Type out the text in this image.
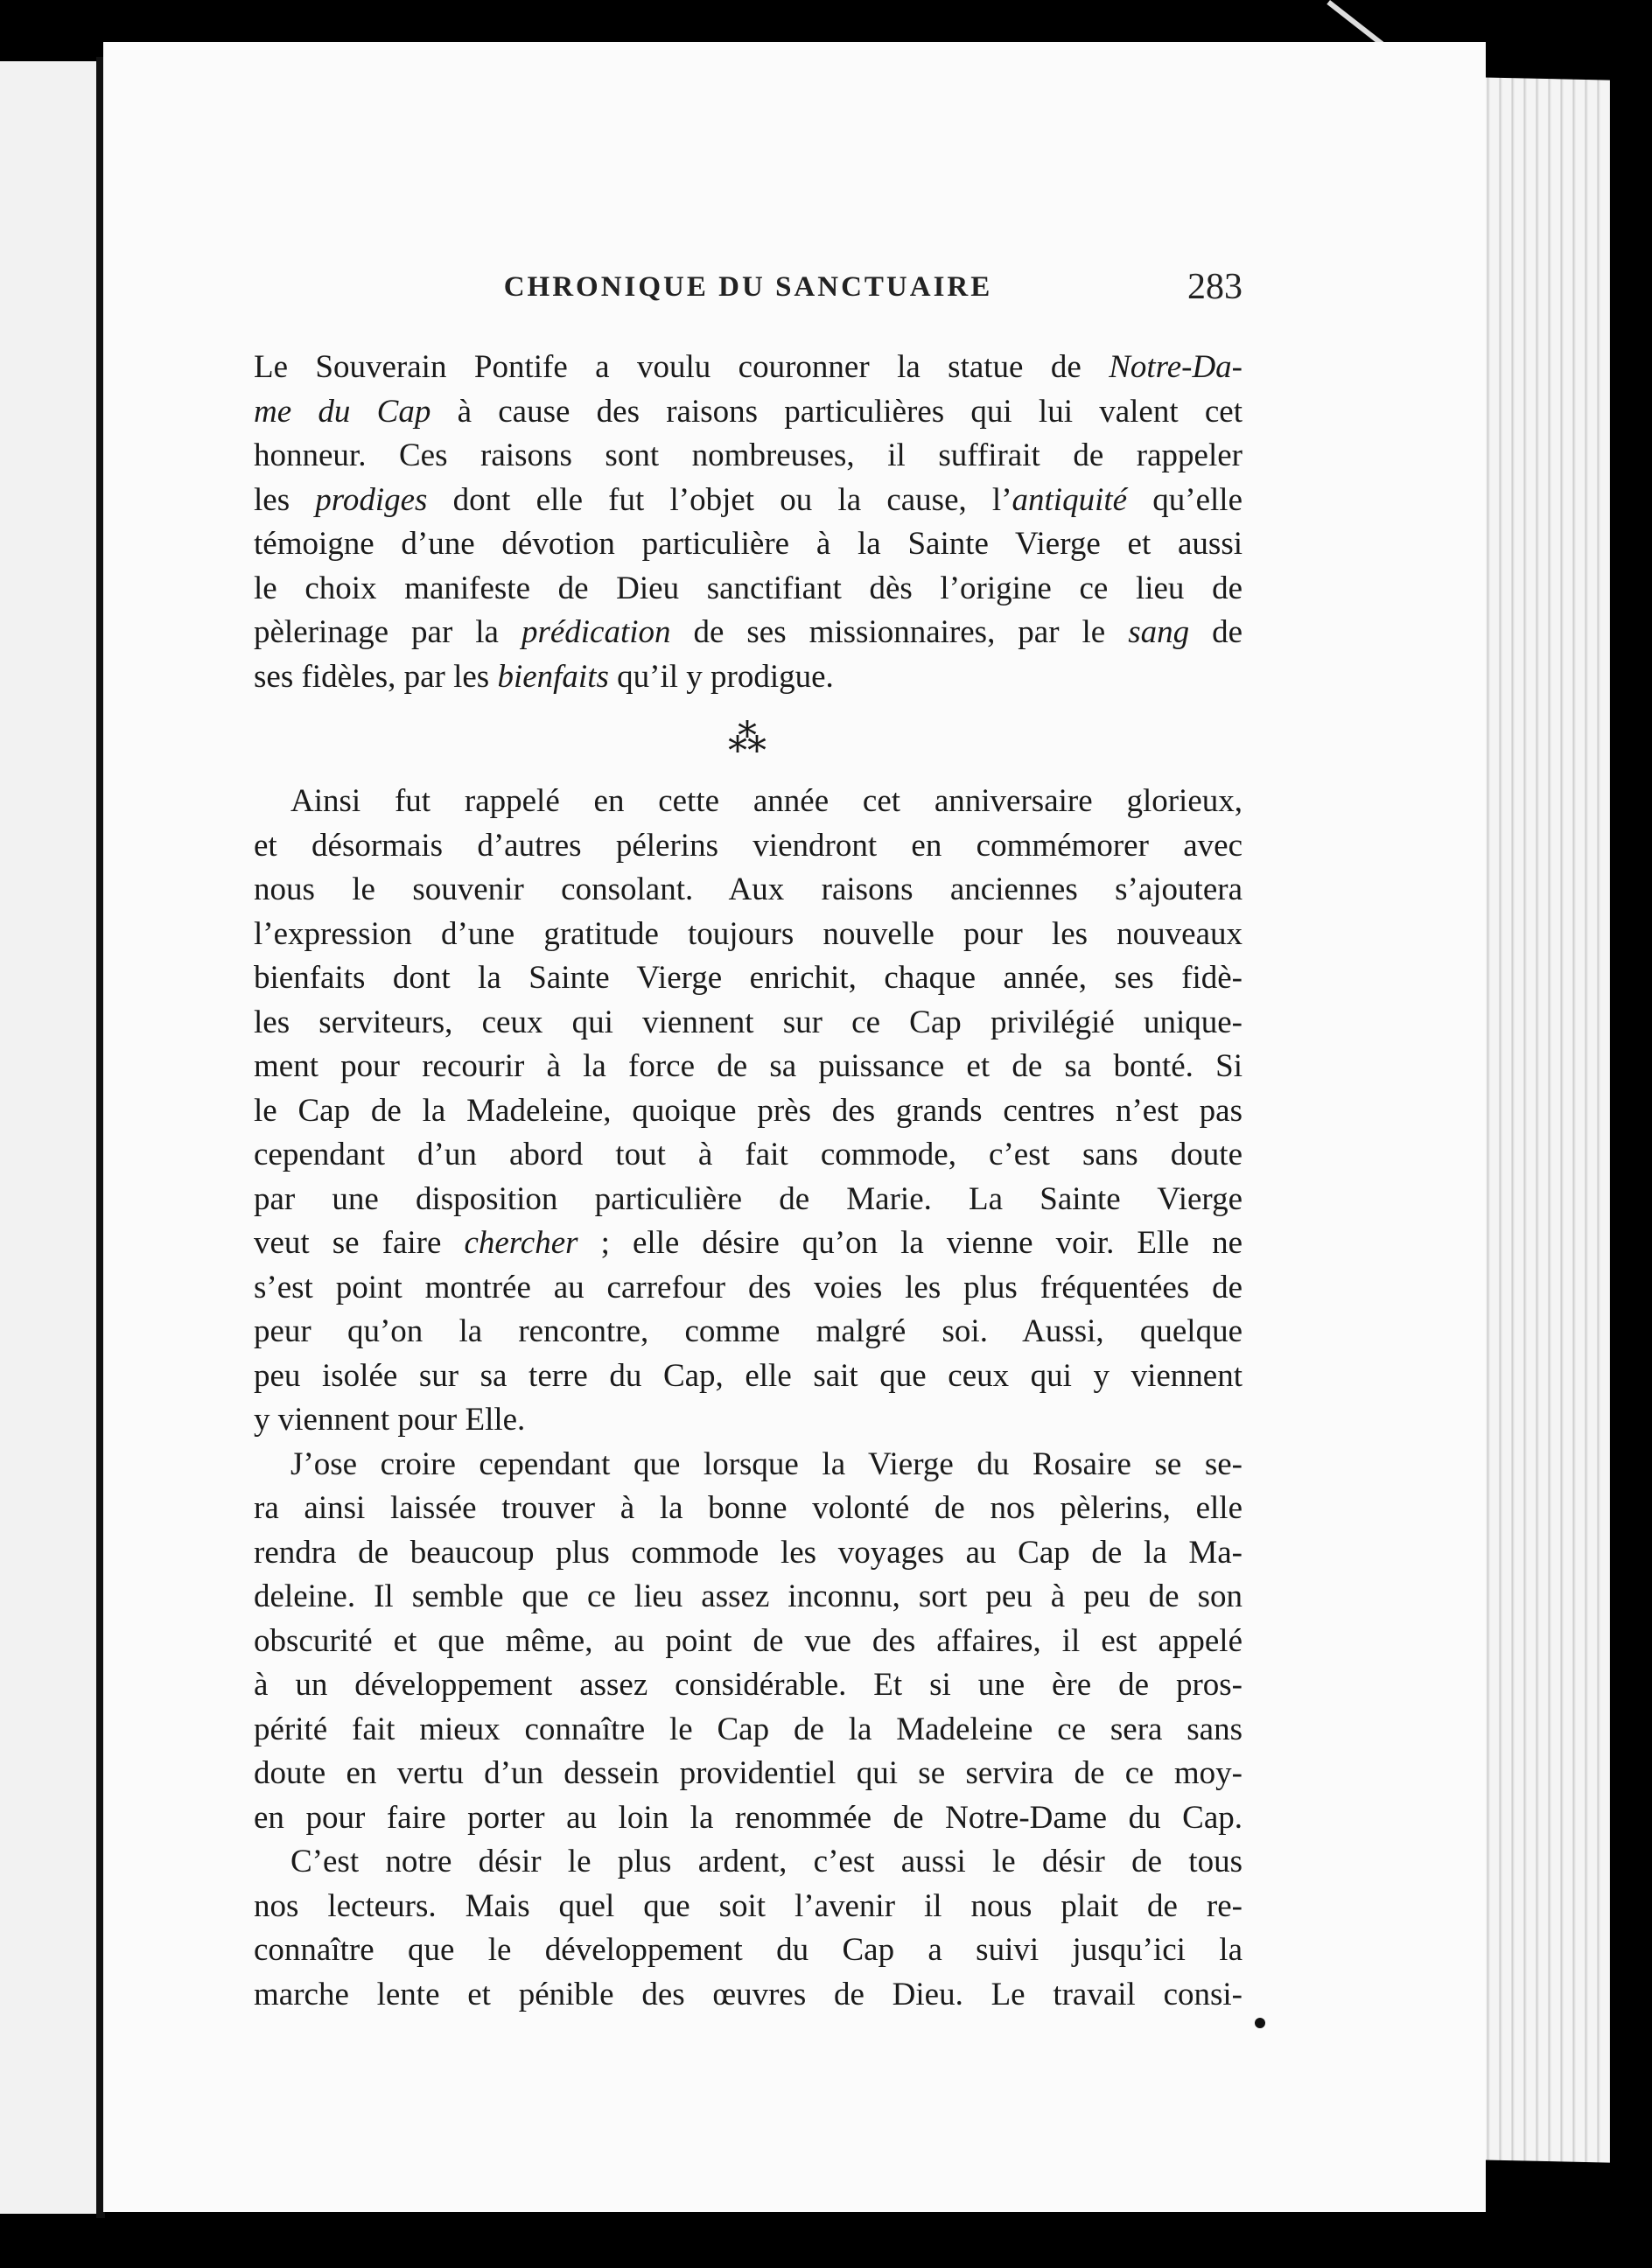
CHRONIQUE DU SANCTUAIRE	283
Le Souverain Pontife a voulu couronner la statue de Notre-Da-
me du Cap à cause des raisons particulières qui lui valent cet
honneur. Ces raisons sont nombreuses, il suffirait de rappeler
les prodiges dont elle fut l’objet ou la cause, l’antiquité qu’elle
témoigne d’une dévotion particulière à la Sainte Vierge et aussi
le choix manifeste de Dieu sanctifiant dès l’origine ce lieu de
pèlerinage par la prédication de ses missionnaires, par le sang de
ses fidèles, par les bienfaits qu’il y prodigue.
⁂
Ainsi fut rappelé en cette année cet anniversaire glorieux,
et désormais d’autres pélerins viendront en commémorer avec
nous le souvenir consolant. Aux raisons anciennes s’ajoutera
l’expression d’une gratitude toujours nouvelle pour les nouveaux
bienfaits dont la Sainte Vierge enrichit, chaque année, ses fidè-
les serviteurs, ceux qui viennent sur ce Cap privilégié unique-
ment pour recourir à la force de sa puissance et de sa bonté. Si
le Cap de la Madeleine, quoique près des grands centres n’est pas
cependant d’un abord tout à fait commode, c’est sans doute
par une disposition particulière de Marie. La Sainte Vierge
veut se faire chercher ; elle désire qu’on la vienne voir. Elle ne
s’est point montrée au carrefour des voies les plus fréquentées de
peur qu’on la rencontre, comme malgré soi. Aussi, quelque
peu isolée sur sa terre du Cap, elle sait que ceux qui y viennent
y viennent pour Elle.
J’ose croire cependant que lorsque la Vierge du Rosaire se se-
ra ainsi laissée trouver à la bonne volonté de nos pèlerins, elle
rendra de beaucoup plus commode les voyages au Cap de la Ma-
deleine. Il semble que ce lieu assez inconnu, sort peu à peu de son
obscurité et que même, au point de vue des affaires, il est appelé
à un développement assez considérable. Et si une ère de pros-
périté fait mieux connaître le Cap de la Madeleine ce sera sans
doute en vertu d’un dessein providentiel qui se servira de ce moy-
en pour faire porter au loin la renommée de Notre-Dame du Cap.
C’est notre désir le plus ardent, c’est aussi le désir de tous
nos lecteurs. Mais quel que soit l’avenir il nous plait de re-
connaître que le développement du Cap a suivi jusqu’ici la
marche lente et pénible des œuvres de Dieu. Le travail consi-
